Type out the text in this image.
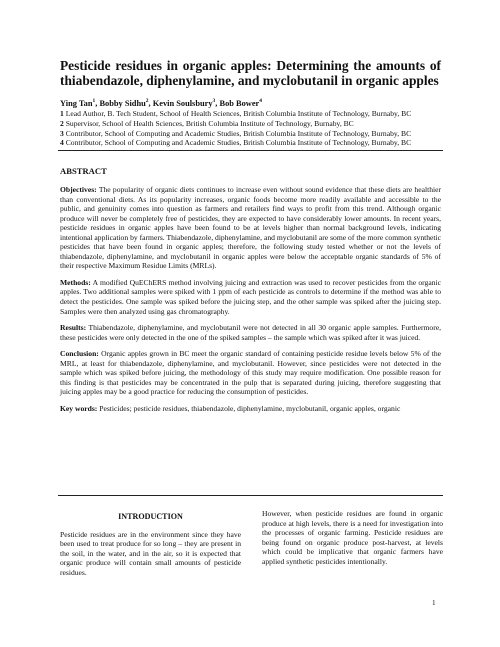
Pesticide residues in organic apples: Determining the amounts of thiabendazole, diphenylamine, and myclobutanil in organic apples
Ying Tan$^1$, Bobby Sidhu$^2$, Kevin Soulsbury$^3$, Bob Bower$^4$
1 Lead Author, B. Tech Student, School of Health Sciences, British Columbia Institute of Technology, Burnaby, BC
2 Supervisor, School of Health Sciences, British Columbia Institute of Technology, Burnaby, BC
3 Contributor, School of Computing and Academic Studies, British Columbia Institute of Technology, Burnaby, BC
4 Contributor, School of Computing and Academic Studies, British Columbia Institute of Technology, Burnaby, BC
ABSTRACT

Objectives: The popularity of organic diets continues to increase even without sound evidence that these diets are healthier than conventional diets. As its popularity increases, organic foods become more readily available and accessible to the public, and genuinity comes into question as farmers and retailers find ways to profit from this trend. Although organic produce will never be completely free of pesticides, they are expected to have considerably lower amounts. In recent years, pesticide residues in organic apples have been found to be at levels higher than normal background levels, indicating intentional application by farmers. Thiabendazole, diphenylamine, and myclobutanil are some of the more common synthetic pesticides that have been found in organic apples; therefore, the following study tested whether or not the levels of thiabendazole, diphenylamine, and myclobutanil in organic apples were below the acceptable organic standards of 5% of their respective Maximum Residue Limits (MRLs).

Methods: A modified QuEChERS method involving juicing and extraction was used to recover pesticides from the organic apples. Two additional samples were spiked with 1 ppm of each pesticide as controls to determine if the method was able to detect the pesticides. One sample was spiked before the juicing step, and the other sample was spiked after the juicing step. Samples were then analyzed using gas chromatography.

Results: Thiabendazole, diphenylamine, and myclobutanil were not detected in all 30 organic apple samples. Furthermore, these pesticides were only detected in the one of the spiked samples – the sample which was spiked after it was juiced.

Conclusion: Organic apples grown in BC meet the organic standard of containing pesticide residue levels below 5% of the MRL, at least for thiabendazole, diphenylamine, and myclobutanil. However, since pesticides were not detected in the sample which was spiked before juicing, the methodology of this study may require modification. One possible reason for this finding is that pesticides may be concentrated in the pulp that is separated during juicing, therefore suggesting that juicing apples may be a good practice for reducing the consumption of pesticides.

Key words: Pesticides; pesticide residues, thiabendazole, diphenylamine, myclobutanil, organic apples, organic

INTRODUCTION

Pesticide residues are in the environment since they have been used to treat produce for so long – they are present in the soil, in the water, and in the air, so it is expected that organic produce will contain small amounts of pesticide residues.

However, when pesticide residues are found in organic produce at high levels, there is a need for investigation into the processes of organic farming. Pesticide residues are being found on organic produce post-harvest, at levels which could be implicative that organic farmers have applied synthetic pesticides intentionally.

1
